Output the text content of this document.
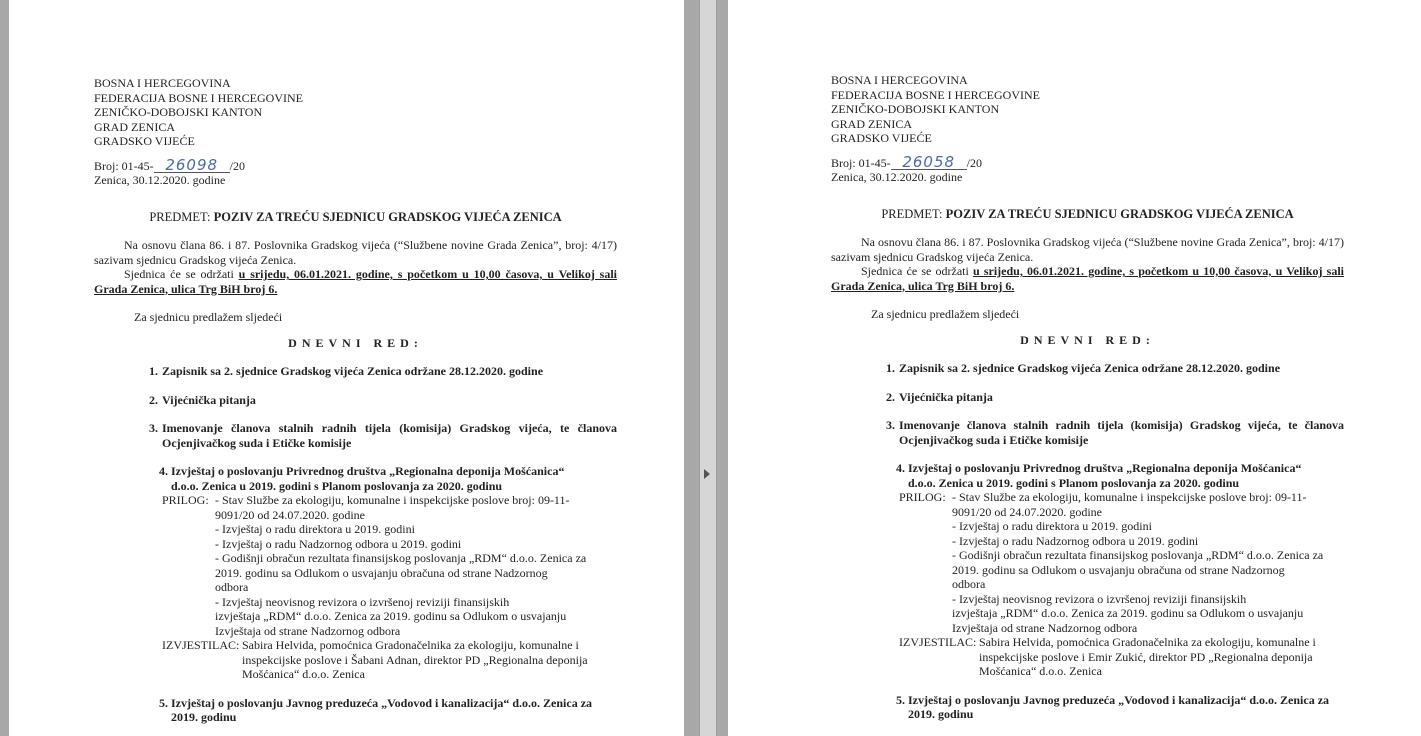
BOSNA I HERCEGOVINA
FEDERACIJA BOSNE I HERCEGOVINE
ZENIČKO-DOBOJSKI KANTON
GRAD ZENICA
GRADSKO VIJEĆE
Broj: 01-45- 26098 /20
Zenica, 30.12.2020. godine
PREDMET: POZIV ZA TREĆU SJEDNICU GRADSKOG VIJEĆA ZENICA
Na osnovu člana 86. i 87. Poslovnika Gradskog vijeća (“Službene novine Grada Zenica”, broj: 4/17) sazivam sjednicu Gradskog vijeća Zenica.
Sjednica će se održati u srijedu, 06.01.2021. godine, s početkom u 10,00 časova, u Velikoj sali Grada Zenica, ulica Trg BiH broj 6.
Za sjednicu predlažem sljedeći
DNEVNI RED:
1. Zapisnik sa 2. sjednice Gradskog vijeća Zenica održane 28.12.2020. godine
2. Vijećnička pitanja
3. Imenovanje članova stalnih radnih tijela (komisija) Gradskog vijeća, te članova Ocjenjivačkog suda i Etičke komisije
4. Izvještaj o poslovanju Privrednog društva „Regionalna deponija Mošćanica“
d.o.o. Zenica u 2019. godini s Planom poslovanja za 2020. godinu
PRILOG: - Stav Službe za ekologiju, komunalne i inspekcijske poslove broj: 09-11-
9091/20 od 24.07.2020. godine
- Izvještaj o radu direktora u 2019. godini
- Izvještaj o radu Nadzornog odbora u 2019. godini
- Godišnji obračun rezultata finansijskog poslovanja „RDM“ d.o.o. Zenica za
2019. godinu sa Odlukom o usvajanju obračuna od strane Nadzornog
odbora
- Izvještaj neovisnog revizora o izvršenoj reviziji finansijskih
izvještaja „RDM“ d.o.o. Zenica za 2019. godinu sa Odlukom o usvajanju
Izvještaja od strane Nadzornog odbora
IZVJESTILAC: Sabira Helvida, pomoćnica Gradonačelnika za ekologiju, komunalne i
inspekcijske poslove i Šabani Adnan, direktor PD „Regionalna deponija
Mošćanica“ d.o.o. Zenica
5. Izvještaj o poslovanju Javnog preduzeća „Vodovod i kanalizacija“ d.o.o. Zenica za
2019. godinu
BOSNA I HERCEGOVINA
FEDERACIJA BOSNE I HERCEGOVINE
ZENIČKO-DOBOJSKI KANTON
GRAD ZENICA
GRADSKO VIJEĆE
Broj: 01-45- 26058 /20
Zenica, 30.12.2020. godine
PREDMET: POZIV ZA TREĆU SJEDNICU GRADSKOG VIJEĆA ZENICA
Na osnovu člana 86. i 87. Poslovnika Gradskog vijeća (“Službene novine Grada Zenica”, broj: 4/17) sazivam sjednicu Gradskog vijeća Zenica.
Sjednica će se održati u srijedu, 06.01.2021. godine, s početkom u 10,00 časova, u Velikoj sali Grada Zenica, ulica Trg BiH broj 6.
Za sjednicu predlažem sljedeći
DNEVNI RED:
1. Zapisnik sa 2. sjednice Gradskog vijeća Zenica održane 28.12.2020. godine
2. Vijećnička pitanja
3. Imenovanje članova stalnih radnih tijela (komisija) Gradskog vijeća, te članova Ocjenjivačkog suda i Etičke komisije
4. Izvještaj o poslovanju Privrednog društva „Regionalna deponija Mošćanica“
d.o.o. Zenica u 2019. godini s Planom poslovanja za 2020. godinu
PRILOG: - Stav Službe za ekologiju, komunalne i inspekcijske poslove broj: 09-11-
9091/20 od 24.07.2020. godine
- Izvještaj o radu direktora u 2019. godini
- Izvještaj o radu Nadzornog odbora u 2019. godini
- Godišnji obračun rezultata finansijskog poslovanja „RDM“ d.o.o. Zenica za
2019. godinu sa Odlukom o usvajanju obračuna od strane Nadzornog
odbora
- Izvještaj neovisnog revizora o izvršenoj reviziji finansijskih
izvještaja „RDM“ d.o.o. Zenica za 2019. godinu sa Odlukom o usvajanju
Izvještaja od strane Nadzornog odbora
IZVJESTILAC: Sabira Helvida, pomoćnica Gradonačelnika za ekologiju, komunalne i
inspekcijske poslove i Emir Zukić, direktor PD „Regionalna deponija
Mošćanica“ d.o.o. Zenica
5. Izvještaj o poslovanju Javnog preduzeća „Vodovod i kanalizacija“ d.o.o. Zenica za
2019. godinu
